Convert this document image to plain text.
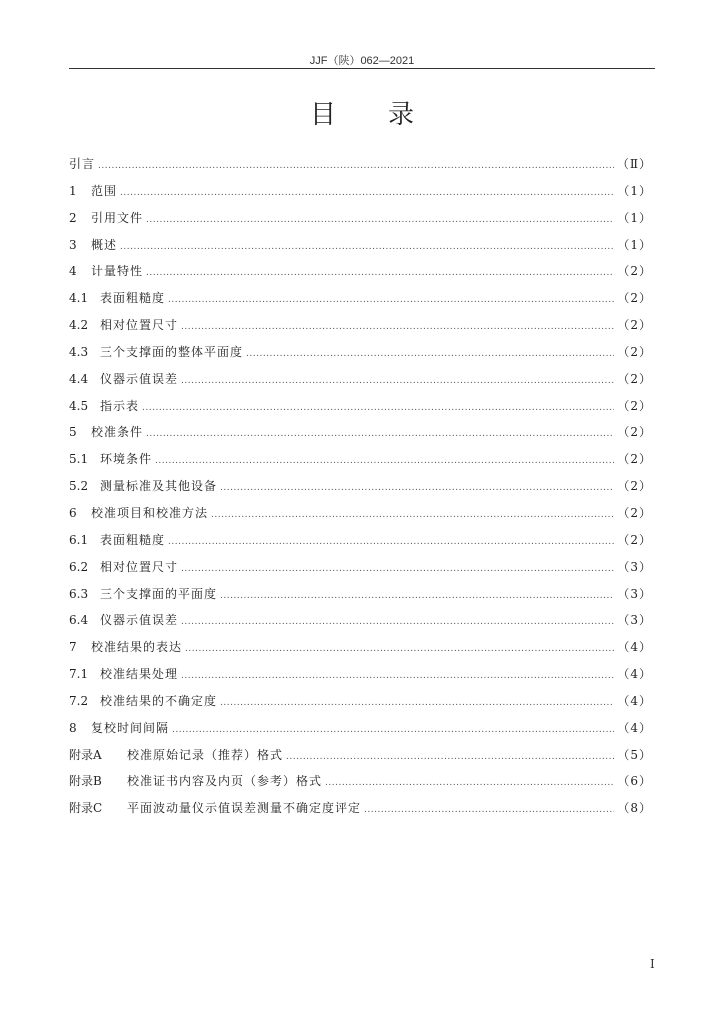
JJF（陕）062—2021
目录
引言 .....	（Ⅱ）
1	范围 .....	（1）
2	引用文件 .....	（1）
3	概述 .....	（1）
4	计量特性 .....	（2）
4.1 表面粗糙度 .....	（2）
4.2 相对位置尺寸 .....	（2）
4.3 三个支撑面的整体平面度 .....	（2）
4.4 仪器示值误差 .....	（2）
4.5 指示表 .....	（2）
5	校准条件 .....	（2）
5.1 环境条件 .....	（2）
5.2 测量标准及其他设备 .....	（2）
6	校准项目和校准方法 .....	（2）
6.1 表面粗糙度 .....	（2）
6.2 相对位置尺寸 .....	（3）
6.3 三个支撑面的平面度 .....	（3）
6.4 仪器示值误差 .....	（3）
7	校准结果的表达 .....	（4）
7.1 校准结果处理 .....	（4）
7.2 校准结果的不确定度 .....	（4）
8	复校时间间隔 .....	（4）
附录A	校准原始记录（推荐）格式 .....	（5）
附录B	校准证书内容及内页（参考）格式 .....	（6）
附录C	平面波动量仪示值误差测量不确定度评定 .....	（8）
I
